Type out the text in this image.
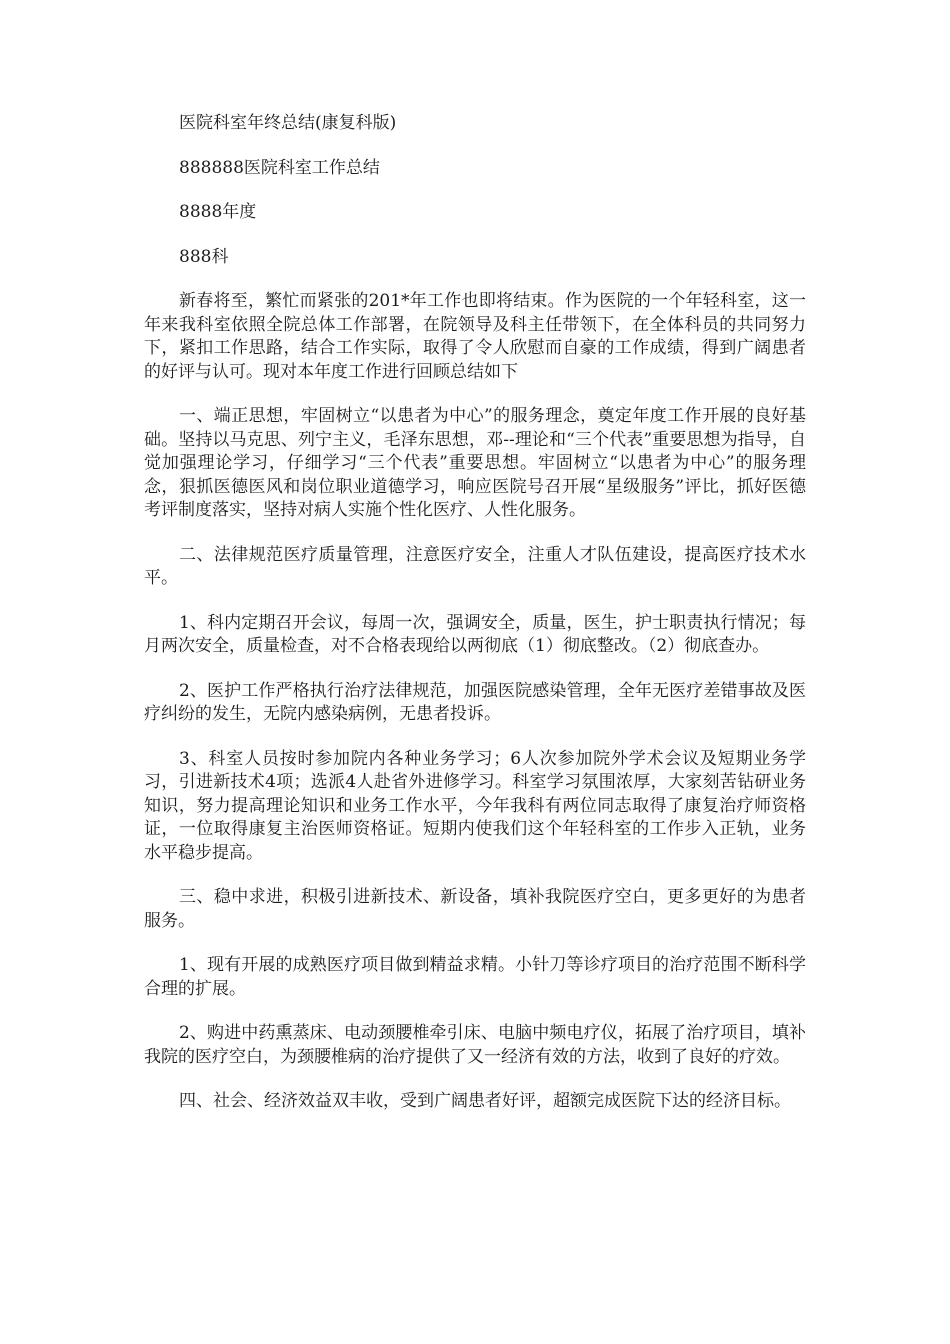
医院科室年终总结(康复科版)

888888医院科室工作总结

8888年度

888科

新春将至，繁忙而紧张的201*年工作也即将结束。作为医院的一个年轻科室，这一年来我科室依照全院总体工作部署，在院领导及科主任带领下，在全体科员的共同努力下，紧扣工作思路，结合工作实际，取得了令人欣慰而自豪的工作成绩，得到广阔患者的好评与认可。现对本年度工作进行回顾总结如下

一、端正思想，牢固树立“以患者为中心”的服务理念，奠定年度工作开展的良好基础。坚持以马克思、列宁主义，毛泽东思想，邓--理论和“三个代表”重要思想为指导，自觉加强理论学习，仔细学习“三个代表”重要思想。牢固树立“以患者为中心”的服务理念，狠抓医德医风和岗位职业道德学习，响应医院号召开展“星级服务”评比，抓好医德考评制度落实，坚持对病人实施个性化医疗、人性化服务。

二、法律规范医疗质量管理，注意医疗安全，注重人才队伍建设，提高医疗技术水平。

1、科内定期召开会议，每周一次，强调安全，质量，医生，护士职责执行情况；每月两次安全，质量检查，对不合格表现给以两彻底（1）彻底整改。（2）彻底查办。

2、医护工作严格执行治疗法律规范，加强医院感染管理，全年无医疗差错事故及医疗纠纷的发生，无院内感染病例，无患者投诉。

3、科室人员按时参加院内各种业务学习；6人次参加院外学术会议及短期业务学习，引进新技术4项；选派4人赴省外进修学习。科室学习氛围浓厚，大家刻苦钻研业务知识，努力提高理论知识和业务工作水平，今年我科有两位同志取得了康复治疗师资格证，一位取得康复主治医师资格证。短期内使我们这个年轻科室的工作步入正轨，业务水平稳步提高。

三、稳中求进，积极引进新技术、新设备，填补我院医疗空白，更多更好的为患者服务。

1、现有开展的成熟医疗项目做到精益求精。小针刀等诊疗项目的治疗范围不断科学合理的扩展。

2、购进中药熏蒸床、电动颈腰椎牵引床、电脑中频电疗仪，拓展了治疗项目，填补我院的医疗空白，为颈腰椎病的治疗提供了又一经济有效的方法，收到了良好的疗效。

四、社会、经济效益双丰收，受到广阔患者好评，超额完成医院下达的经济目标。
